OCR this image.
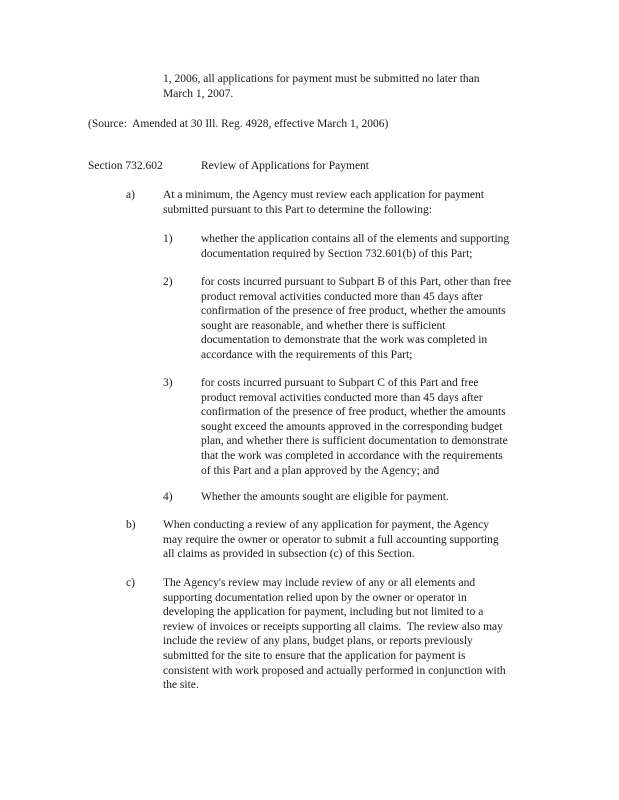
1, 2006, all applications for payment must be submitted no later than
March 1, 2007.
(Source:  Amended at 30 Ill. Reg. 4928, effective March 1, 2006)
Section 732.602	Review of Applications for Payment
a) At a minimum, the Agency must review each application for payment
submitted pursuant to this Part to determine the following:
1) whether the application contains all of the elements and supporting
documentation required by Section 732.601(b) of this Part;
2) for costs incurred pursuant to Subpart B of this Part, other than free
product removal activities conducted more than 45 days after
confirmation of the presence of free product, whether the amounts
sought are reasonable, and whether there is sufficient
documentation to demonstrate that the work was completed in
accordance with the requirements of this Part;
3) for costs incurred pursuant to Subpart C of this Part and free
product removal activities conducted more than 45 days after
confirmation of the presence of free product, whether the amounts
sought exceed the amounts approved in the corresponding budget
plan, and whether there is sufficient documentation to demonstrate
that the work was completed in accordance with the requirements
of this Part and a plan approved by the Agency; and
4) Whether the amounts sought are eligible for payment.
b) When conducting a review of any application for payment, the Agency
may require the owner or operator to submit a full accounting supporting
all claims as provided in subsection (c) of this Section.
c) The Agency's review may include review of any or all elements and
supporting documentation relied upon by the owner or operator in
developing the application for payment, including but not limited to a
review of invoices or receipts supporting all claims.  The review also may
include the review of any plans, budget plans, or reports previously
submitted for the site to ensure that the application for payment is
consistent with work proposed and actually performed in conjunction with
the site.
